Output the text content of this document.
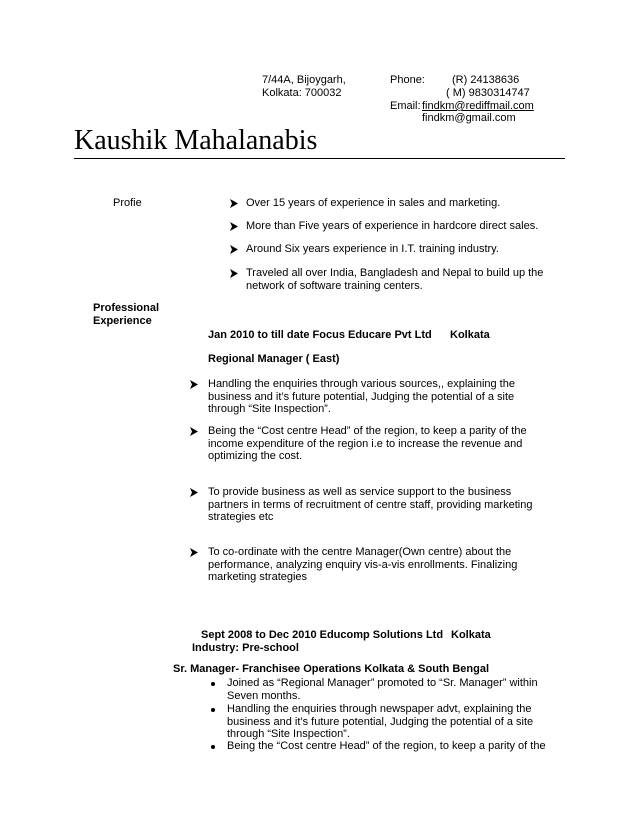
7/44A, Bijoygarh,
Kolkata: 700032
Phone: (R) 24138636
( M) 9830314747
Email: findkm@rediffmail.com
findkm@gmail.com
Kaushik Mahalanabis
Profie	Over 15 years of experience in sales and marketing.
More than Five years of experience in hardcore direct sales.
Around Six years experience in I.T. training industry.
Traveled all over India, Bangladesh and Nepal to build up the
network of software training centers.
Professional
Experience
Jan 2010 to till date Focus Educare Pvt Ltd Kolkata
Regional Manager ( East)
Handling the enquiries through various sources,, explaining the
business and it’s future potential, Judging the potential of a site
through “Site Inspection”.
Being the “Cost centre Head” of the region, to keep a parity of the
income expenditure of the region i.e to increase the revenue and
optimizing the cost.
To provide business as well as service support to the business
partners in terms of recruitment of centre staff, providing marketing
strategies etc
To co-ordinate with the centre Manager(Own centre) about the
performance, analyzing enquiry vis-a-vis enrollments. Finalizing
marketing strategies
Sept 2008 to Dec 2010 Educomp Solutions Ltd Kolkata
Industry: Pre-school
Sr. Manager- Franchisee Operations Kolkata & South Bengal
Joined as “Regional Manager” promoted to “Sr. Manager” within
Seven months.
Handling the enquiries through newspaper advt, explaining the
business and it’s future potential, Judging the potential of a site
through “Site Inspection”.
Being the “Cost centre Head” of the region, to keep a parity of the
